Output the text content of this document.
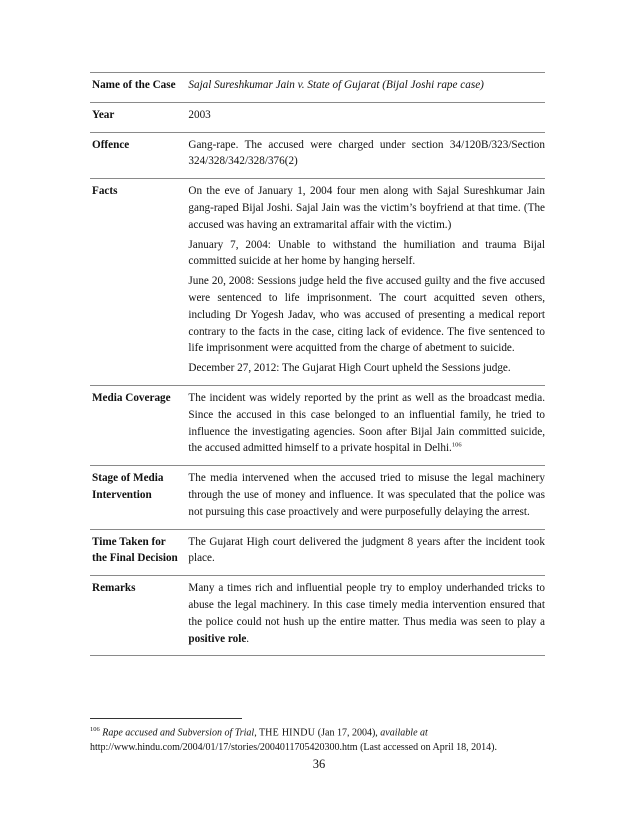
Name of the Case	Sajal Sureshkumar Jain v. State of Gujarat (Bijal Joshi rape case)

Year	2003

Offence	Gang-rape. The accused were charged under section 34/120B/323/Section 324/328/342/328/376(2)

Facts	On the eve of January 1, 2004 four men along with Sajal Sureshkumar Jain gang-raped Bijal Joshi. Sajal Jain was the victim’s boyfriend at that time. (The accused was having an extramarital affair with the victim.)

January 7, 2004: Unable to withstand the humiliation and trauma Bijal committed suicide at her home by hanging herself.

June 20, 2008: Sessions judge held the five accused guilty and the five accused were sentenced to life imprisonment. The court acquitted seven others, including Dr Yogesh Jadav, who was accused of presenting a medical report contrary to the facts in the case, citing lack of evidence. The five sentenced to life imprisonment were acquitted from the charge of abetment to suicide.

December 27, 2012: The Gujarat High Court upheld the Sessions judge.

Media Coverage	The incident was widely reported by the print as well as the broadcast media. Since the accused in this case belonged to an influential family, he tried to influence the investigating agencies. Soon after Bijal Jain committed suicide, the accused admitted himself to a private hospital in Delhi.$^{106}$

Stage of Media Intervention	The media intervened when the accused tried to misuse the legal machinery through the use of money and influence. It was speculated that the police was not pursuing this case proactively and were purposefully delaying the arrest.

Time Taken for the Final Decision	The Gujarat High court delivered the judgment 8 years after the incident took place.

Remarks	Many a times rich and influential people try to employ underhanded tricks to abuse the legal machinery. In this case timely media intervention ensured that the police could not hush up the entire matter. Thus media was seen to play a positive role.

$^{106}$ Rape accused and Subversion of Trial, THE HINDU (Jan 17, 2004), available at
http://www.hindu.com/2004/01/17/stories/2004011705420300.htm (Last accessed on April 18, 2014).
36
